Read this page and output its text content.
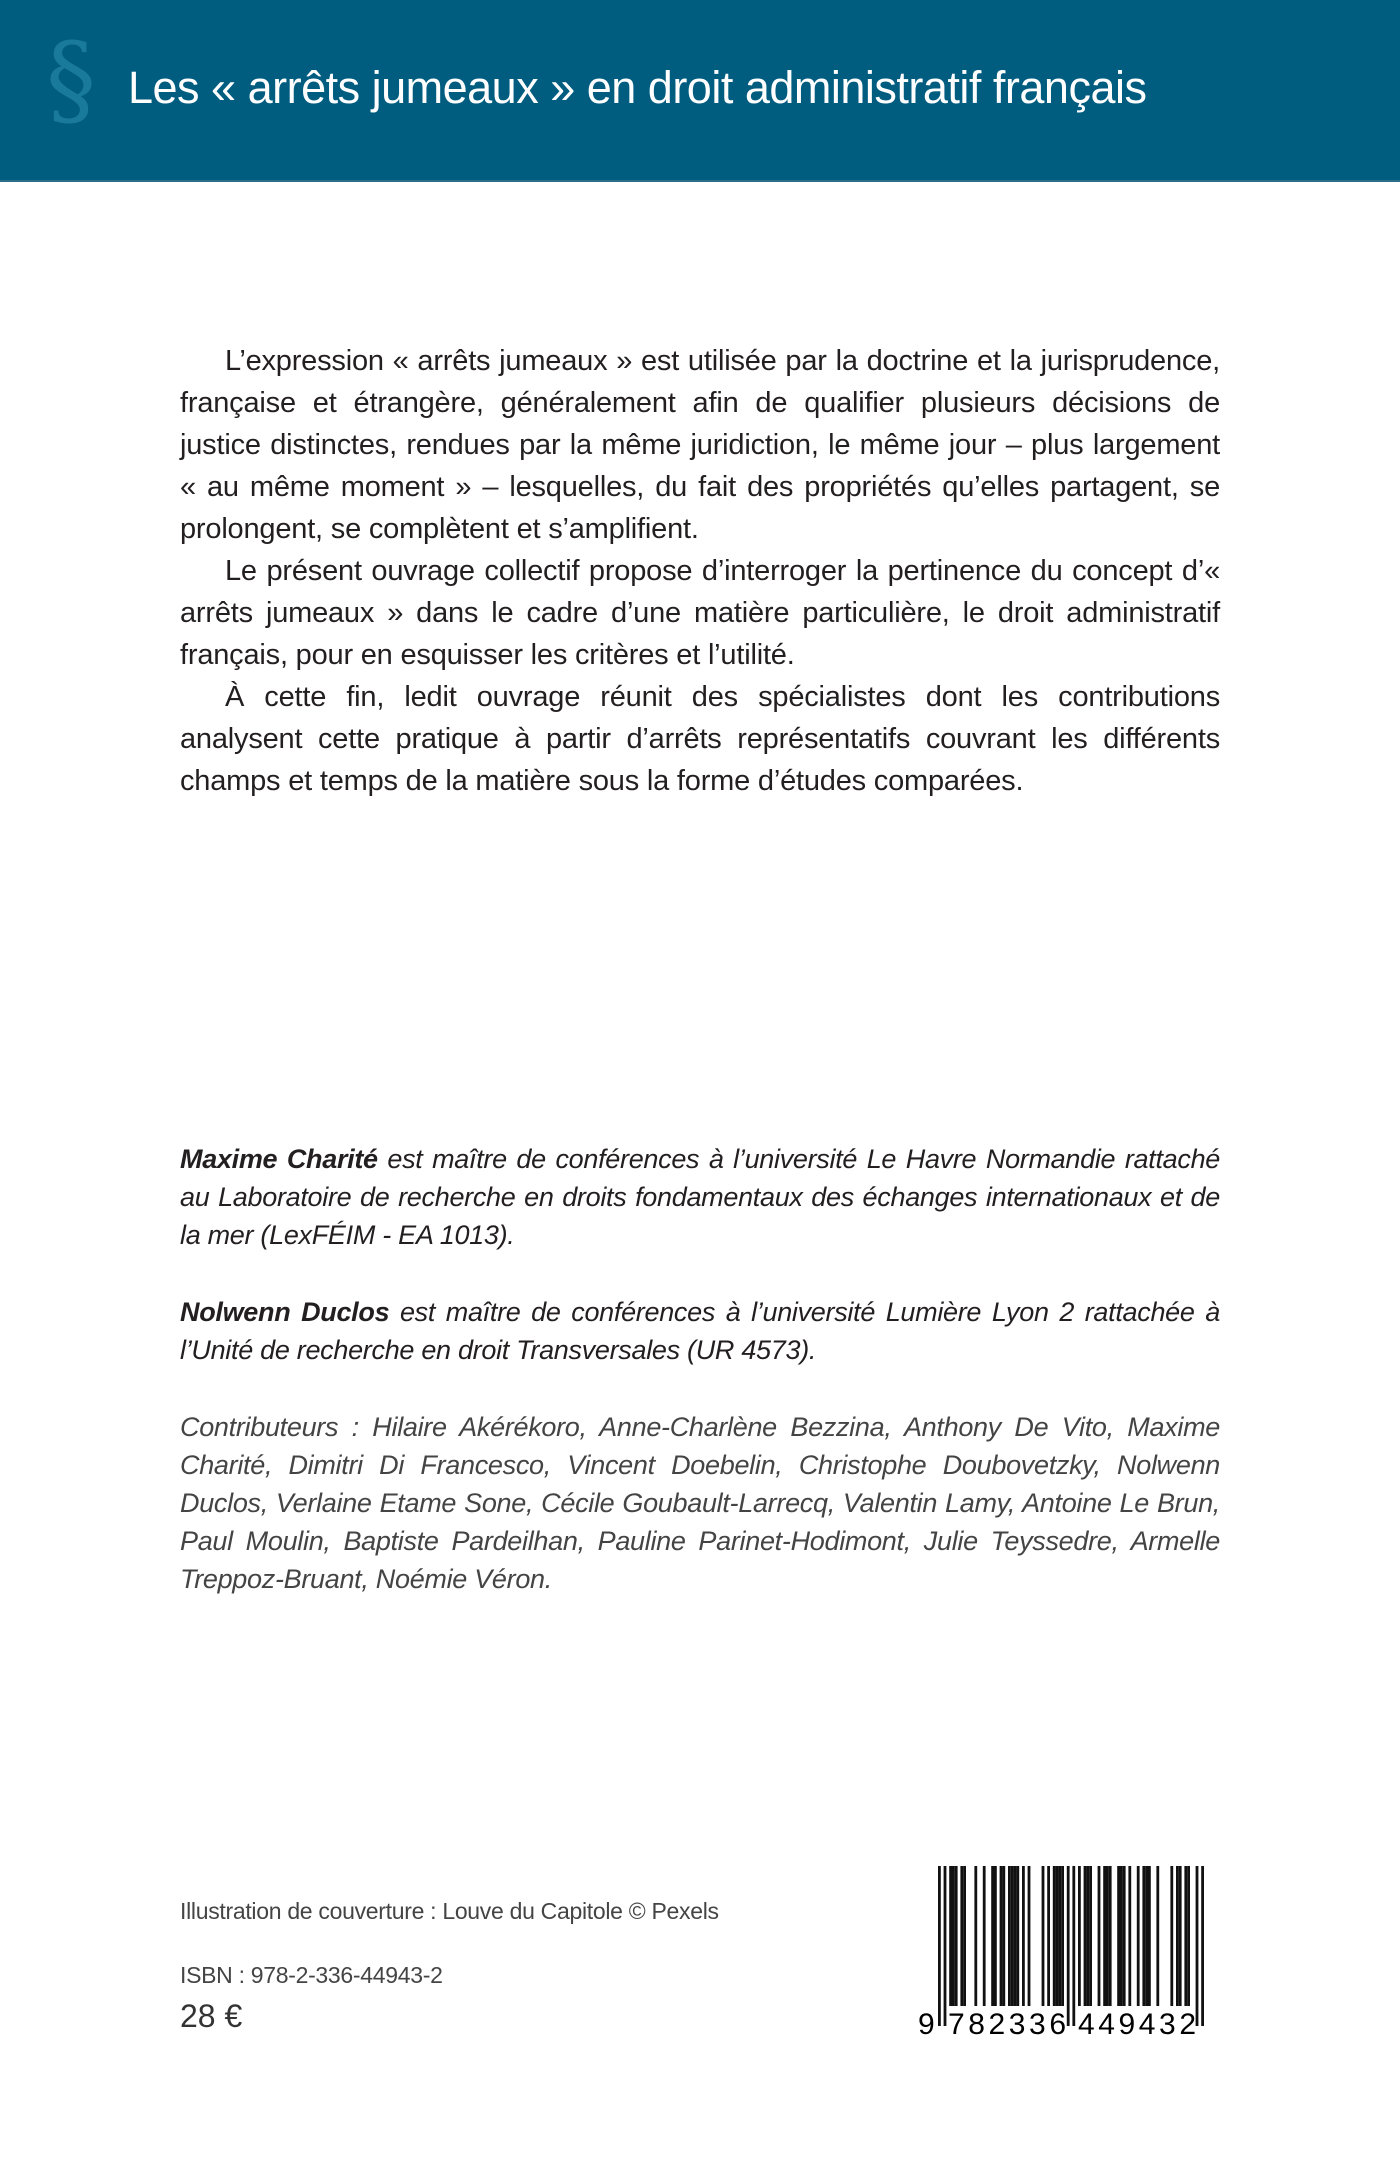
§ Les « arrêts jumeaux » en droit administratif français

L’expression « arrêts jumeaux » est utilisée par la doctrine et la jurisprudence, française et étrangère, généralement afin de qualifier plusieurs décisions de justice distinctes, rendues par la même juridiction, le même jour – plus largement « au même moment » – lesquelles, du fait des propriétés qu’elles partagent, se prolongent, se complètent et s’amplifient.

Le présent ouvrage collectif propose d’interroger la pertinence du concept d’« arrêts jumeaux » dans le cadre d’une matière particulière, le droit administratif français, pour en esquisser les critères et l’utilité.

À cette fin, ledit ouvrage réunit des spécialistes dont les contributions analysent cette pratique à partir d’arrêts représentatifs couvrant les différents champs et temps de la matière sous la forme d’études comparées.

Maxime Charité est maître de conférences à l’université Le Havre Normandie rattaché au Laboratoire de recherche en droits fondamentaux des échanges internationaux et de la mer (LexFÉIM - EA 1013).
Nolwenn Duclos est maître de conférences à l’université Lumière Lyon 2 rattachée à l’Unité de recherche en droit Transversales (UR 4573).
Contributeurs : Hilaire Akérékoro, Anne-Charlène Bezzina, Anthony De Vito, Maxime Charité, Dimitri Di Francesco, Vincent Doebelin, Christophe Doubovetzky, Nolwenn Duclos, Verlaine Etame Sone, Cécile Goubault-Larrecq, Valentin Lamy, Antoine Le Brun, Paul Moulin, Baptiste Pardeilhan, Pauline Parinet-Hodimont, Julie Teyssedre, Armelle Treppoz-Bruant, Noémie Véron.
Illustration de couverture : Louve du Capitole © Pexels
ISBN : 978-2-336-44943-2
28 €	9 782336 449432
